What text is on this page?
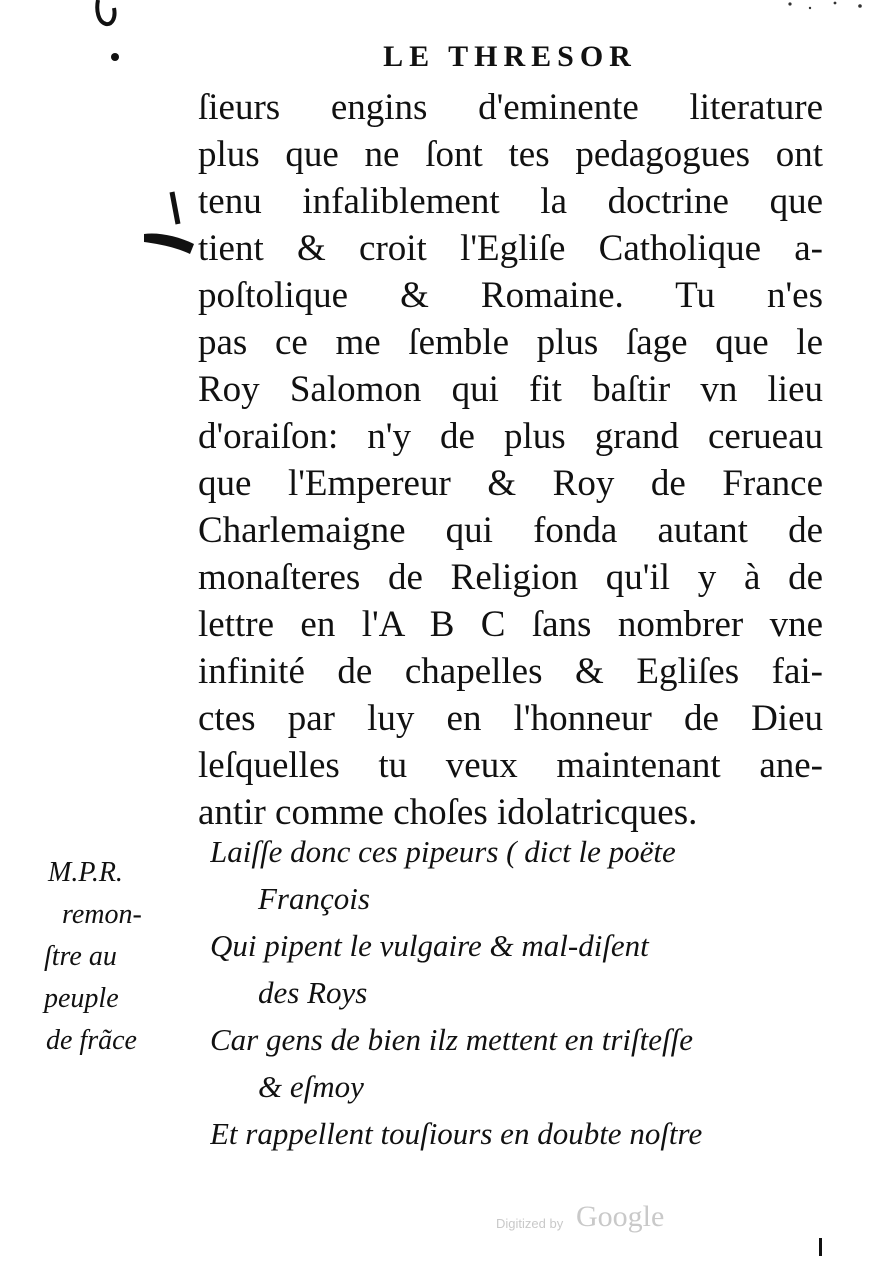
LE THRESOR
ſieurs engins d'eminente literature
plus que ne ſont tes pedagogues ont
tenu infaliblement la doctrine que
tient & croit l'Egliſe Catholique a-
poſtolique & Romaine. Tu n'es
pas ce me ſemble plus ſage que le
Roy Salomon qui fit baſtir vn lieu
d'oraiſon: n'y de plus grand cerueau
que l'Empereur & Roy de France
Charlemaigne qui fonda autant de
monaſteres de Religion qu'il y à de
lettre en l'A B C ſans nombrer vne
infinité de chapelles & Egliſes fai-
ctes par luy en l'honneur de Dieu
leſquelles tu veux maintenant ane-
antir comme choſes idolatricques.
M.P.R.
remon-
ſtre au
peuple
de frãce
Laiſſe donc ces pipeurs ( dict le poëte
François
Qui pipent le vulgaire & mal-diſent
des Roys
Car gens de bien ilz mettent en triſteſſe
& eſmoy
Et rappellent touſiours en doubte noſtre
Digitized by Google
